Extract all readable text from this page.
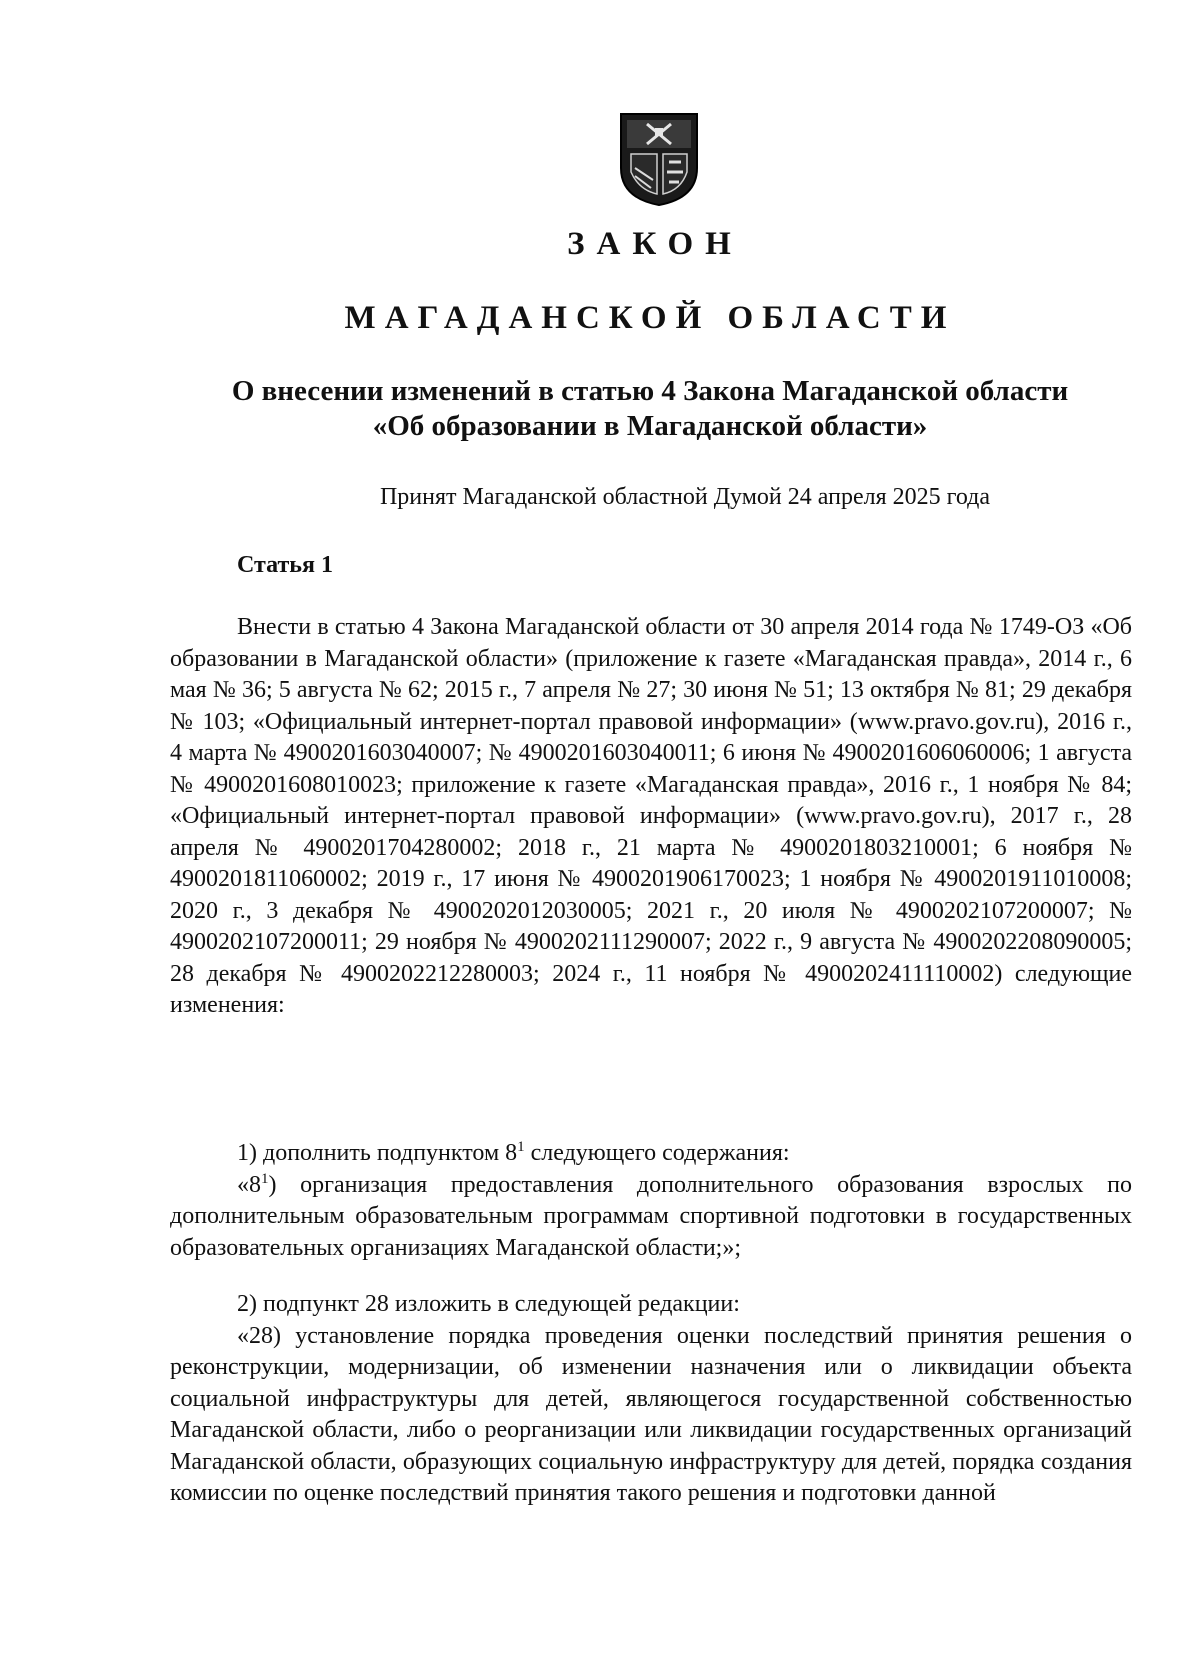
ЗАКОН
МАГАДАНСКОЙ ОБЛАСТИ
О внесении изменений в статью 4 Закона Магаданской области
«Об образовании в Магаданской области»
Принят Магаданской областной Думой 24 апреля 2025 года
Статья 1

Внести в статью 4 Закона Магаданской области от 30 апреля 2014 года № 1749-ОЗ «Об образовании в Магаданской области» (приложение к газете «Магаданская правда», 2014 г., 6 мая № 36; 5 августа № 62; 2015 г., 7 апреля № 27; 30 июня № 51; 13 октября № 81; 29 декабря № 103; «Официальный интернет-портал правовой информации» (www.pravo.gov.ru), 2016 г., 4 марта № 4900201603040007; № 4900201603040011; 6 июня № 4900201606060006; 1 августа № 4900201608010023; приложение к газете «Магаданская правда», 2016 г., 1 ноября № 84; «Официальный интернет-портал правовой информации» (www.pravo.gov.ru), 2017 г., 28 апреля № 4900201704280002; 2018 г., 21 марта № 4900201803210001; 6 ноября № 4900201811060002; 2019 г., 17 июня № 4900201906170023; 1 ноября № 4900201911010008; 2020 г., 3 декабря № 4900202012030005; 2021 г., 20 июля № 4900202107200007; № 4900202107200011; 29 ноября № 4900202111290007; 2022 г., 9 августа № 4900202208090005; 28 декабря № 4900202212280003; 2024 г., 11 ноября № 4900202411110002) следующие изменения:

1) дополнить подпунктом $8^1$ следующего содержания:

«$8^1$) организация предоставления дополнительного образования взрослых по дополнительным образовательным программам спортивной подготовки в государственных образовательных организациях Магаданской области;»;

2) подпункт 28 изложить в следующей редакции:

«28) установление порядка проведения оценки последствий принятия решения о реконструкции, модернизации, об изменении назначения или о ликвидации объекта социальной инфраструктуры для детей, являющегося государственной собственностью Магаданской области, либо о реорганизации или ликвидации государственных организаций Магаданской области, образующих социальную инфраструктуру для детей, порядка создания комиссии по оценке последствий принятия такого решения и подготовки данной
